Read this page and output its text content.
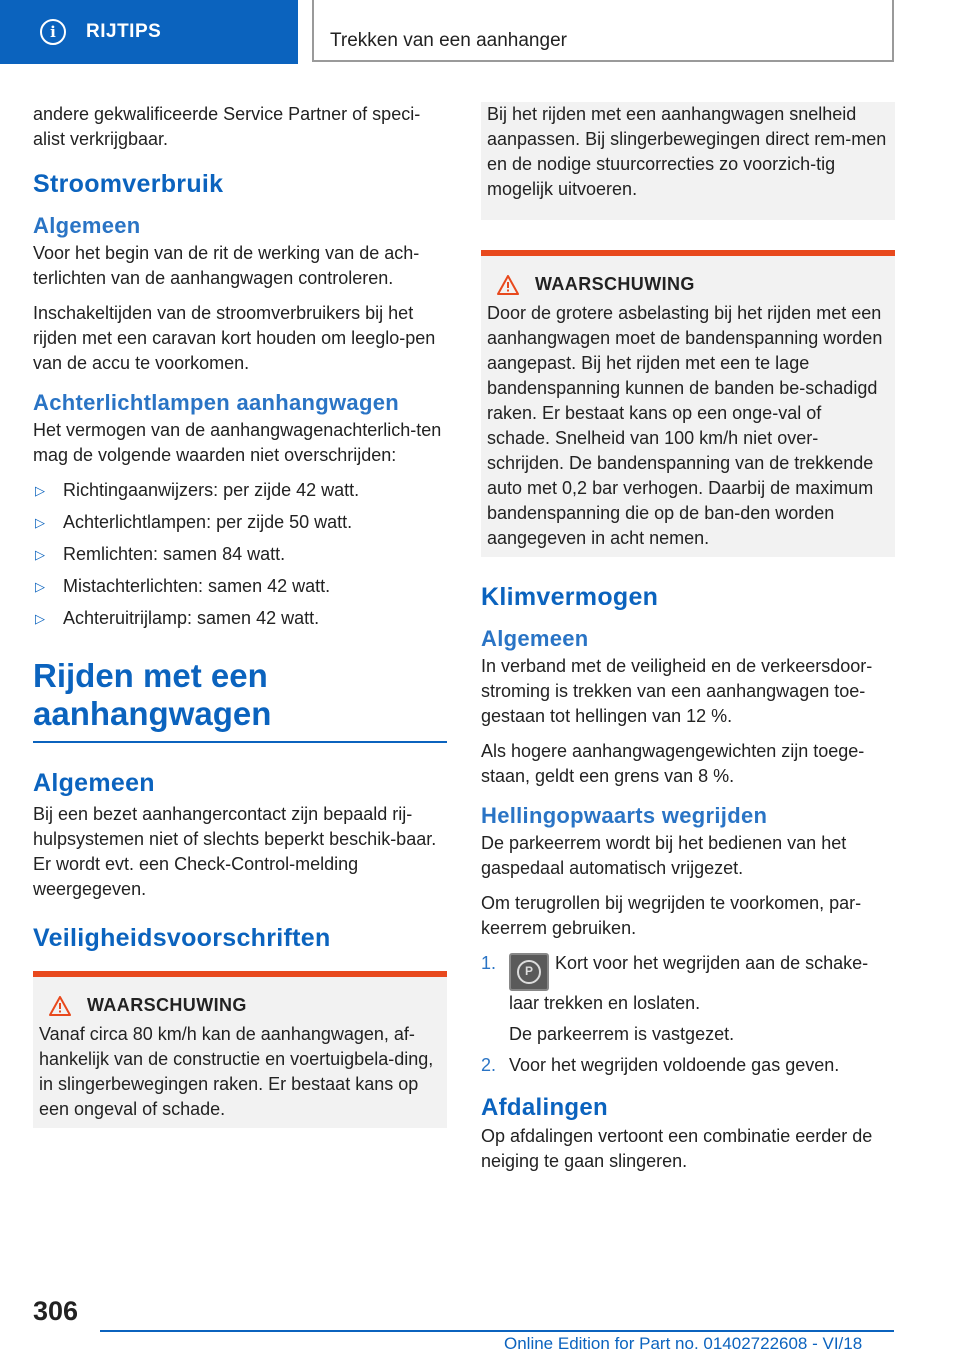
i	RIJTIPS	Trekken van een aanhanger

andere gekwalificeerde Service Partner of speci-alist verkrijgbaar.

Stroomverbruik
Algemeen

Voor het begin van de rit de werking van de ach-terlichten van de aanhangwagen controleren.

Inschakeltijden van de stroomverbruikers bij het rijden met een caravan kort houden om leeglo-pen van de accu te voorkomen.

Achterlichtlampen aanhangwagen

Het vermogen van de aanhangwagenachterlich-ten mag de volgende waarden niet overschrijden:

▷	Richtingaanwijzers: per zijde 42 watt.
▷	Achterlichtlampen: per zijde 50 watt.
▷	Remlichten: samen 84 watt.
▷	Mistachterlichten: samen 42 watt.
▷	Achteruitrijlamp: samen 42 watt.
Rijden met een aanhangwagen
Algemeen

Bij een bezet aanhangercontact zijn bepaald rij-hulpsystemen niet of slechts beperkt beschik-baar. Er wordt evt. een Check-Control-melding weergegeven.

Veiligheidsvoorschriften
WAARSCHUWING

Vanaf circa 80 km/h kan de aanhangwagen, af-hankelijk van de constructie en voertuigbela-ding, in slingerbewegingen raken. Er bestaat kans op een ongeval of schade.

Bij het rijden met een aanhangwagen snelheid aanpassen. Bij slingerbewegingen direct rem-men en de nodige stuurcorrecties zo voorzich-tig mogelijk uitvoeren.

WAARSCHUWING

Door de grotere asbelasting bij het rijden met een aanhangwagen moet de bandenspanning worden aangepast. Bij het rijden met een te lage bandenspanning kunnen de banden be-schadigd raken. Er bestaat kans op een onge-val of schade. Snelheid van 100 km/h niet over-schrijden. De bandenspanning van de trekkende auto met 0,2 bar verhogen. Daarbij de maximum bandenspanning die op de ban-den worden aangegeven in acht nemen.

Klimvermogen
Algemeen

In verband met de veiligheid en de verkeersdoor-stroming is trekken van een aanhangwagen toe-gestaan tot hellingen van 12 %.

Als hogere aanhangwagengewichten zijn toege-staan, geldt een grens van 8 %.

Hellingopwaarts wegrijden

De parkeerrem wordt bij het bedienen van het gaspedaal automatisch vrijgezet.

Om terugrollen bij wegrijden te voorkomen, par-keerrem gebruiken.

1.	P	Kort voor het wegrijden aan de schake-laar trekken en loslaten.
De parkeerrem is vastgezet.
2. Voor het wegrijden voldoende gas geven.
Afdalingen

Op afdalingen vertoont een combinatie eerder de neiging te gaan slingeren.

306
Online Edition for Part no. 01402722608 - VI/18
